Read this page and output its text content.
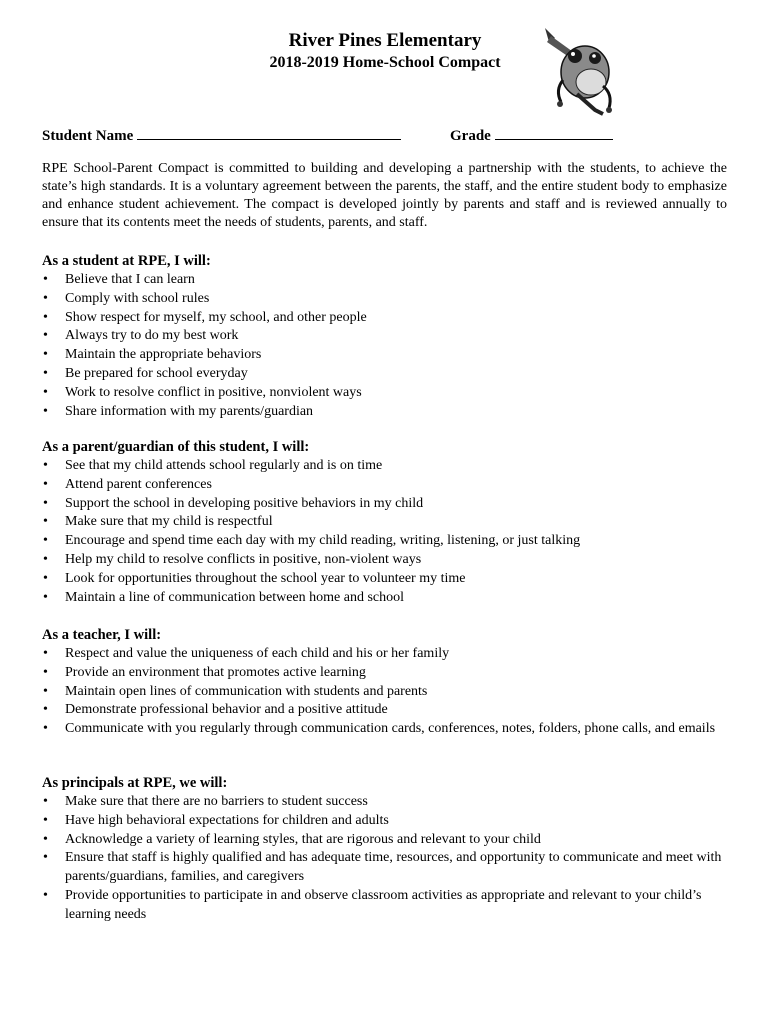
River Pines Elementary
2018-2019 Home-School Compact
Student Name	Grade

RPE School-Parent Compact is committed to building and developing a partnership with the students, to achieve the state’s high standards. It is a voluntary agreement between the parents, the staff, and the entire student body to emphasize and enhance student achievement. The compact is developed jointly by parents and staff and is reviewed annually to ensure that its contents meet the needs of students, parents, and staff.

As a student at RPE, I will:
• Believe that I can learn
• Comply with school rules
• Show respect for myself, my school, and other people
• Always try to do my best work
• Maintain the appropriate behaviors
• Be prepared for school everyday
• Work to resolve conflict in positive, nonviolent ways
• Share information with my parents/guardian
As a parent/guardian of this student, I will:
• See that my child attends school regularly and is on time
• Attend parent conferences
• Support the school in developing positive behaviors in my child
• Make sure that my child is respectful
• Encourage and spend time each day with my child reading, writing, listening, or just talking
• Help my child to resolve conflicts in positive, non-violent ways
• Look for opportunities throughout the school year to volunteer my time
• Maintain a line of communication between home and school
As a teacher, I will:
• Respect and value the uniqueness of each child and his or her family
• Provide an environment that promotes active learning
• Maintain open lines of communication with students and parents
• Demonstrate professional behavior and a positive attitude
• Communicate with you regularly through communication cards, conferences, notes, folders, phone calls, and emails
As principals at RPE, we will:
• Make sure that there are no barriers to student success
• Have high behavioral expectations for children and adults
• Acknowledge a variety of learning styles, that are rigorous and relevant to your child
• Ensure that staff is highly qualified and has adequate time, resources, and opportunity to communicate and meet with parents/guardians, families, and caregivers
• Provide opportunities to participate in and observe classroom activities as appropriate and relevant to your child’s learning needs
